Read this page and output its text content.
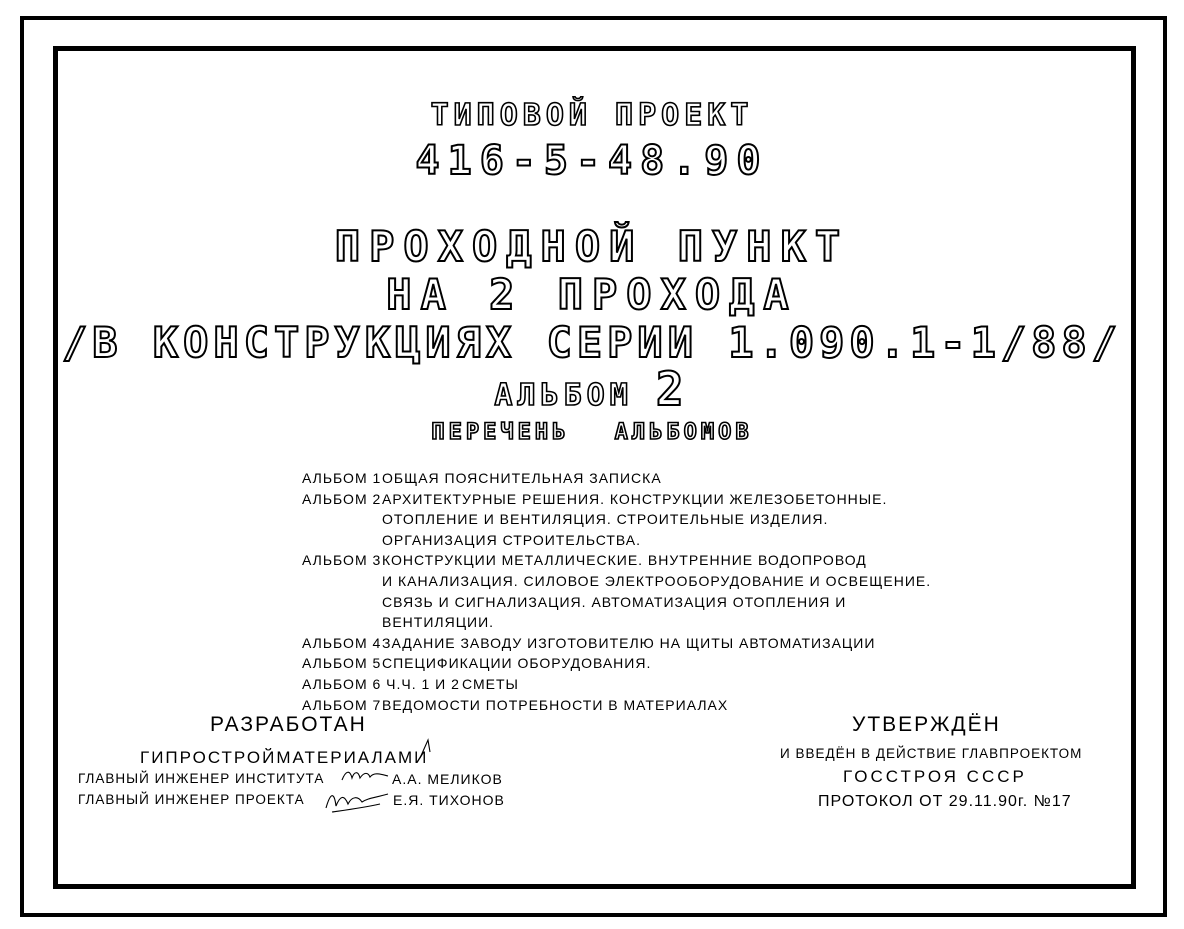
ТИПОВОЙ ПРОЕКТ
416-5-48.90
ПРОХОДНОЙ ПУНКТ
НА 2 ПРОХОДА
/В КОНСТРУКЦИЯХ СЕРИИ 1.090.1-1/88/
АЛЬБОМ 2
ПЕРЕЧЕНЬ АЛЬБОМОВ
АЛЬБОМ 1ОБЩАЯ ПОЯСНИТЕЛЬНАЯ ЗАПИСКА
АЛЬБОМ 2АРХИТЕКТУРНЫЕ РЕШЕНИЯ. КОНСТРУКЦИИ ЖЕЛЕЗОБЕТОННЫЕ.
ОТОПЛЕНИЕ И ВЕНТИЛЯЦИЯ. СТРОИТЕЛЬНЫЕ ИЗДЕЛИЯ.
ОРГАНИЗАЦИЯ СТРОИТЕЛЬСТВА.
АЛЬБОМ 3КОНСТРУКЦИИ МЕТАЛЛИЧЕСКИЕ. ВНУТРЕННИЕ ВОДОПРОВОД
И КАНАЛИЗАЦИЯ. СИЛОВОЕ ЭЛЕКТРООБОРУДОВАНИЕ И ОСВЕЩЕНИЕ.
СВЯЗЬ И СИГНАЛИЗАЦИЯ. АВТОМАТИЗАЦИЯ ОТОПЛЕНИЯ И
ВЕНТИЛЯЦИИ.
АЛЬБОМ 4ЗАДАНИЕ ЗАВОДУ ИЗГОТОВИТЕЛЮ НА ЩИТЫ АВТОМАТИЗАЦИИ
АЛЬБОМ 5СПЕЦИФИКАЦИИ ОБОРУДОВАНИЯ.
АЛЬБОМ 6 Ч.Ч. 1 И 2 СМЕТЫ
АЛЬБОМ 7ВЕДОМОСТИ ПОТРЕБНОСТИ В МАТЕРИАЛАХ
РАЗРАБОТАН
ГИПРОСТРОЙМАТЕРИАЛАМИ
ГЛАВНЫЙ ИНЖЕНЕР ИНСТИТУТА	А.А. МЕЛИКОВ
ГЛАВНЫЙ ИНЖЕНЕР ПРОЕКТА	Е.Я. ТИХОНОВ
УТВЕРЖДЁН
И ВВЕДЁН В ДЕЙСТВИЕ ГЛАВПРОЕКТОМ
ГОССТРОЯ СССР
ПРОТОКОЛ ОТ 29.11.90г. №17
